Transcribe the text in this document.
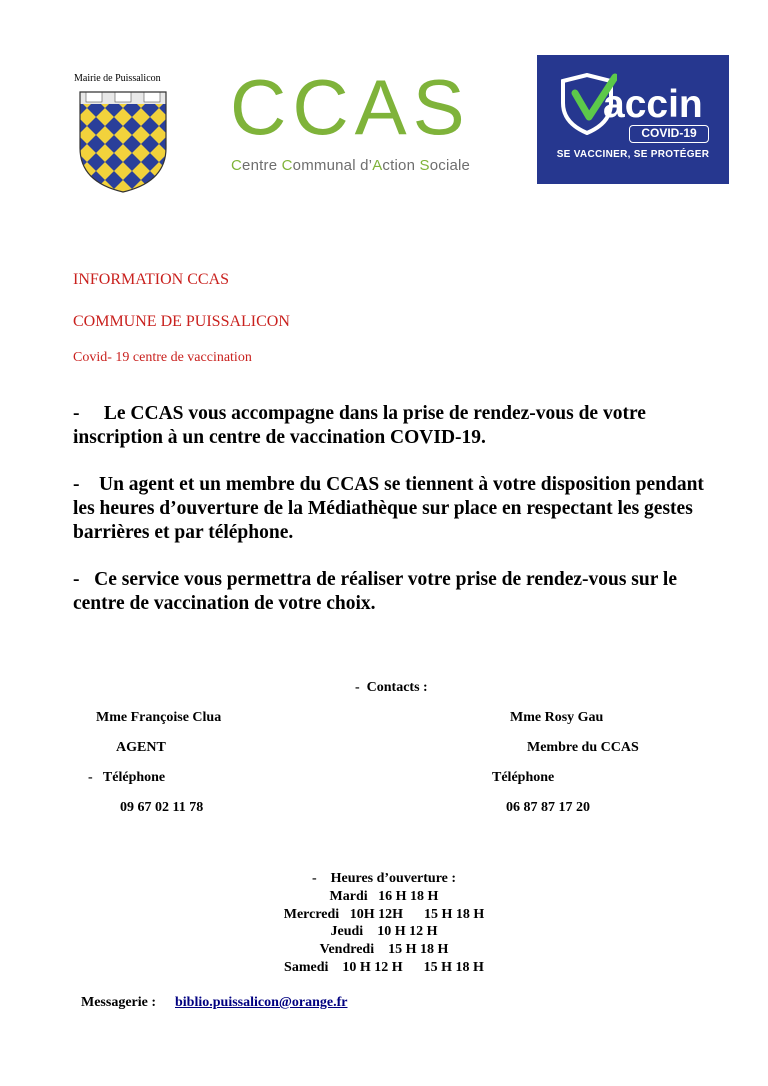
Mairie de Puissalicon CCAS
Centre Communal d’Action Sociale
accin
COVID-19
SE VACCINER, SE PROTÉGER
INFORMATION CCAS
COMMUNE DE PUISSALICON
Covid- 19 centre de vaccination
-     Le CCAS vous accompagne dans la prise de rendez-vous de votre inscription à un centre de vaccination COVID-19.
-    Un agent et un membre du CCAS se tiennent à votre disposition pendant les heures d’ouverture de la Médiathèque sur place en respectant les gestes barrières et par téléphone.
-   Ce service vous permettra de réaliser votre prise de rendez-vous sur le centre de vaccination de votre choix.
-  Contacts :
Mme Françoise Clua
AGENT
-   Téléphone
09 67 02 11 78
Mme Rosy Gau
Membre du CCAS
Téléphone
06 87 87 17 20
-    Heures d’ouverture :
Mardi   16 H 18 H
Mercredi   10H 12H      15 H 18 H
Jeudi    10 H 12 H
Vendredi    15 H 18 H
Samedi    10 H 12 H      15 H 18 H
Messagerie : biblio.puissalicon@orange.fr
